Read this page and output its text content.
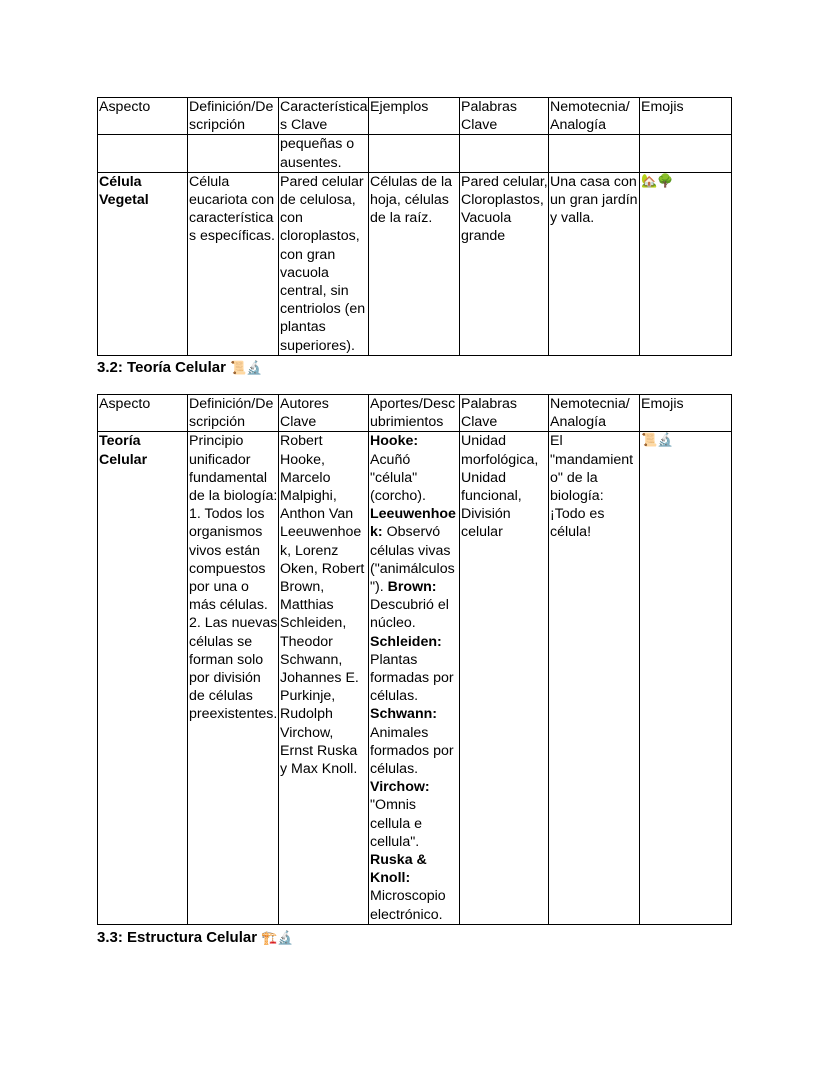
Aspecto	Definición/Descripción	Características Clave	Ejemplos	Palabras Clave	Nemotecnia/ Analogía	Emojis

		pequeñas o ausentes.				

Célula Vegetal	Célula eucariota con características específicas.	Pared celular de celulosa, con cloroplastos, con gran vacuola central, sin centriolos (en plantas superiores).	Células de la hoja, células de la raíz.	Pared celular, Cloroplastos, Vacuola grande	Una casa con un gran jardín y valla.	🏡🌳
3.2: Teoría Celular 📜🔬
Aspecto	Definición/Descripción	Autores Clave	Aportes/Descubrimientos	Palabras Clave	Nemotecnia/ Analogía	Emojis

Teoría Celular	Principio unificador fundamental de la biología: 1. Todos los organismos vivos están compuestos por una o más células. 2. Las nuevas células se forman solo por división de células preexistentes.	Robert Hooke, Marcelo Malpighi, Anthon Van Leeuwenhoek, Lorenz Oken, Robert Brown, Matthias Schleiden, Theodor Schwann, Johannes E. Purkinje, Rudolph Virchow, Ernst Ruska y Max Knoll.	Hooke: Acuñó "célula" (corcho). Leeuwenhoek: Observó células vivas ("animálculos"). Brown: Descubrió el núcleo. Schleiden: Plantas formadas por células. Schwann: Animales formados por células. Virchow: "Omnis cellula e cellula". Ruska & Knoll: Microscopio electrónico.	Unidad morfológica, Unidad funcional, División celular	El "mandamiento" de la biología: ¡Todo es célula!	📜🔬
3.3: Estructura Celular 🏗️🔬
